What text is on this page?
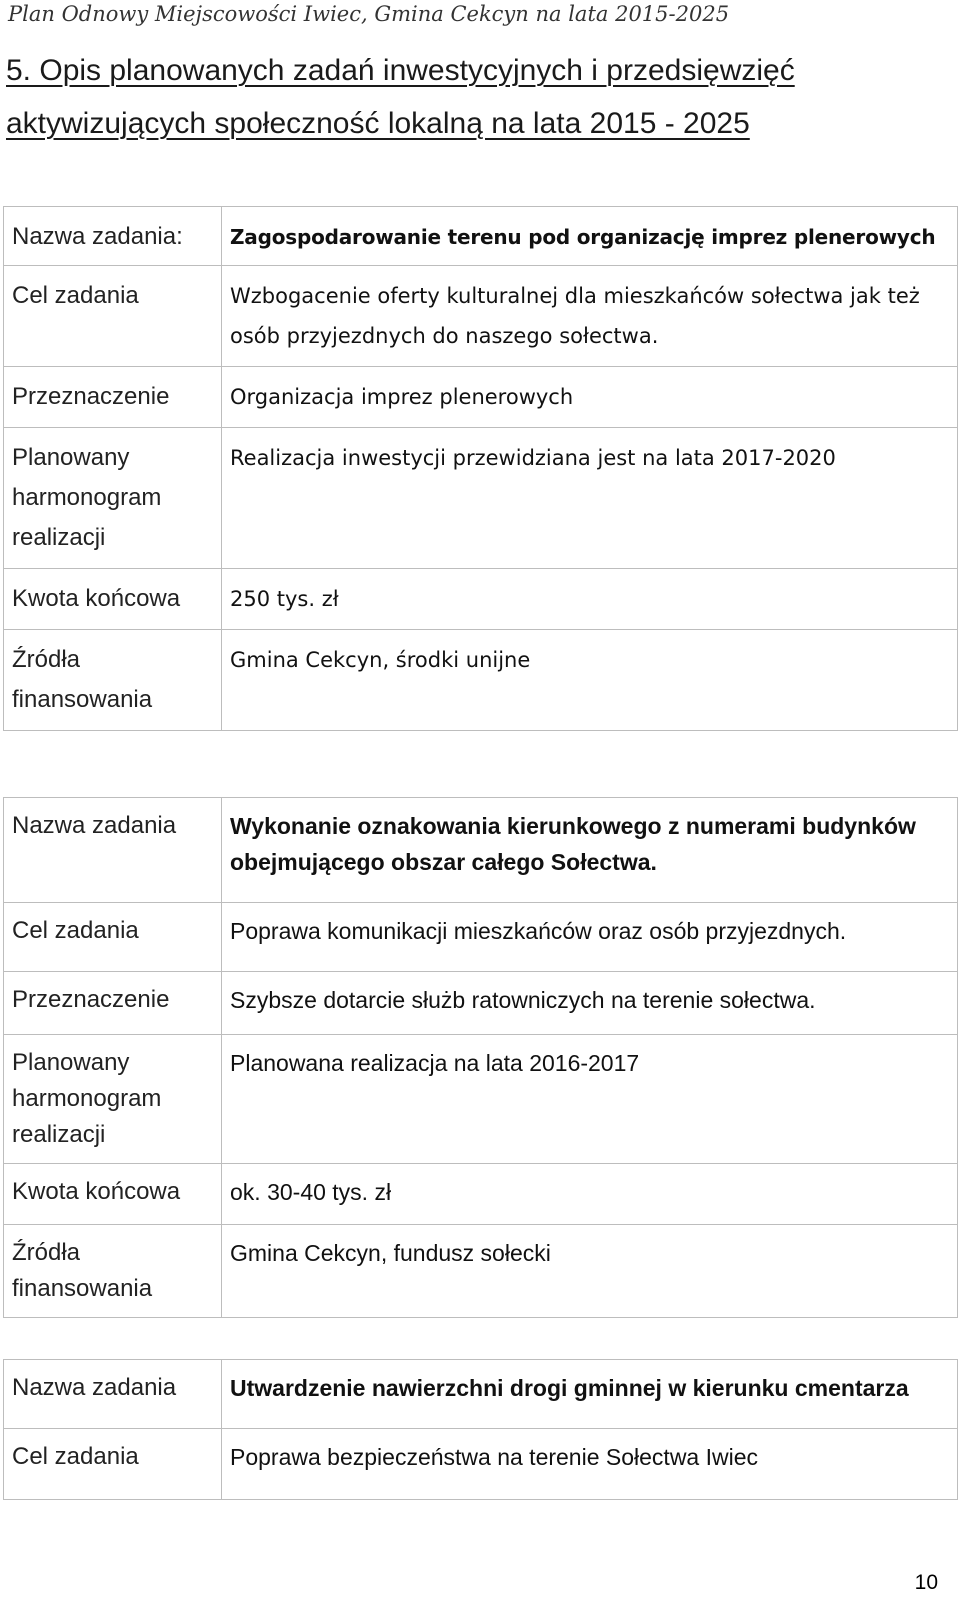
Plan Odnowy Miejscowości Iwiec, Gmina Cekcyn na lata 2015-2025
5. Opis planowanych zadań inwestycyjnych i przedsięwzięć aktywizujących społeczność lokalną na lata 2015 - 2025
Nazwa zadania:	Zagospodarowanie terenu pod organizację imprez plenerowych
Cel zadania	Wzbogacenie oferty kulturalnej dla mieszkańców sołectwa jak też osób przyjezdnych do naszego sołectwa.
Przeznaczenie	Organizacja imprez plenerowych
Planowany harmonogram realizacji	Realizacja inwestycji przewidziana jest na lata 2017-2020
Kwota końcowa	250 tys. zł
Źródła finansowania	Gmina Cekcyn, środki unijne
Nazwa zadania	Wykonanie oznakowania kierunkowego z numerami budynków obejmującego obszar całego Sołectwa.
Cel zadania	Poprawa komunikacji mieszkańców oraz osób przyjezdnych.
Przeznaczenie	Szybsze dotarcie służb ratowniczych na terenie sołectwa.
Planowany harmonogram realizacji	Planowana realizacja na lata 2016-2017
Kwota końcowa	ok. 30-40 tys. zł
Źródła finansowania	Gmina Cekcyn, fundusz sołecki
Nazwa zadania	Utwardzenie nawierzchni drogi gminnej w kierunku cmentarza
Cel zadania	Poprawa bezpieczeństwa na terenie Sołectwa Iwiec
10
